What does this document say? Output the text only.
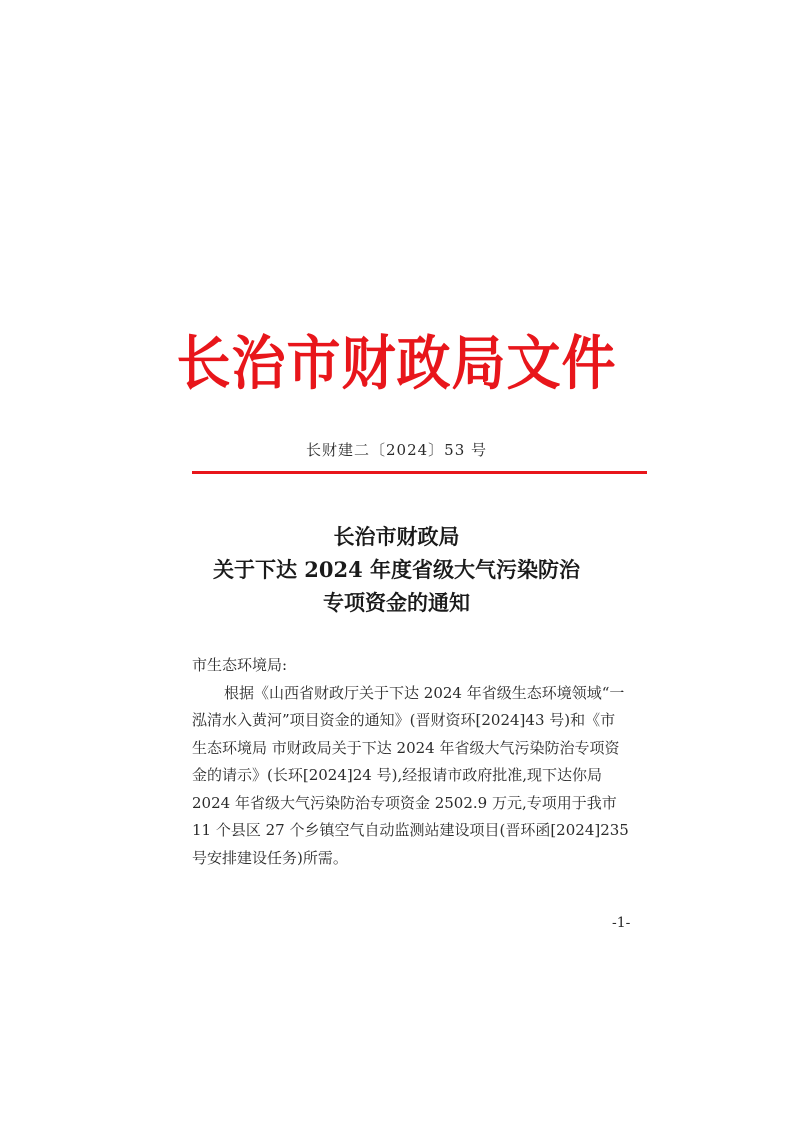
长治市财政局文件
长财建二〔2024〕53 号
长治市财政局
关于下达 2024 年度省级大气污染防治
专项资金的通知
市生态环境局:
根据《山西省财政厅关于下达 2024 年省级生态环境领域“一
泓清水入黄河”项目资金的通知》(晋财资环[2024]43 号)和《市
生态环境局 市财政局关于下达 2024 年省级大气污染防治专项资
金的请示》(长环[2024]24 号),经报请市政府批准,现下达你局
2024 年省级大气污染防治专项资金 2502.9 万元,专项用于我市
11 个县区 27 个乡镇空气自动监测站建设项目(晋环函[2024]235
号安排建设任务)所需。
-1-
